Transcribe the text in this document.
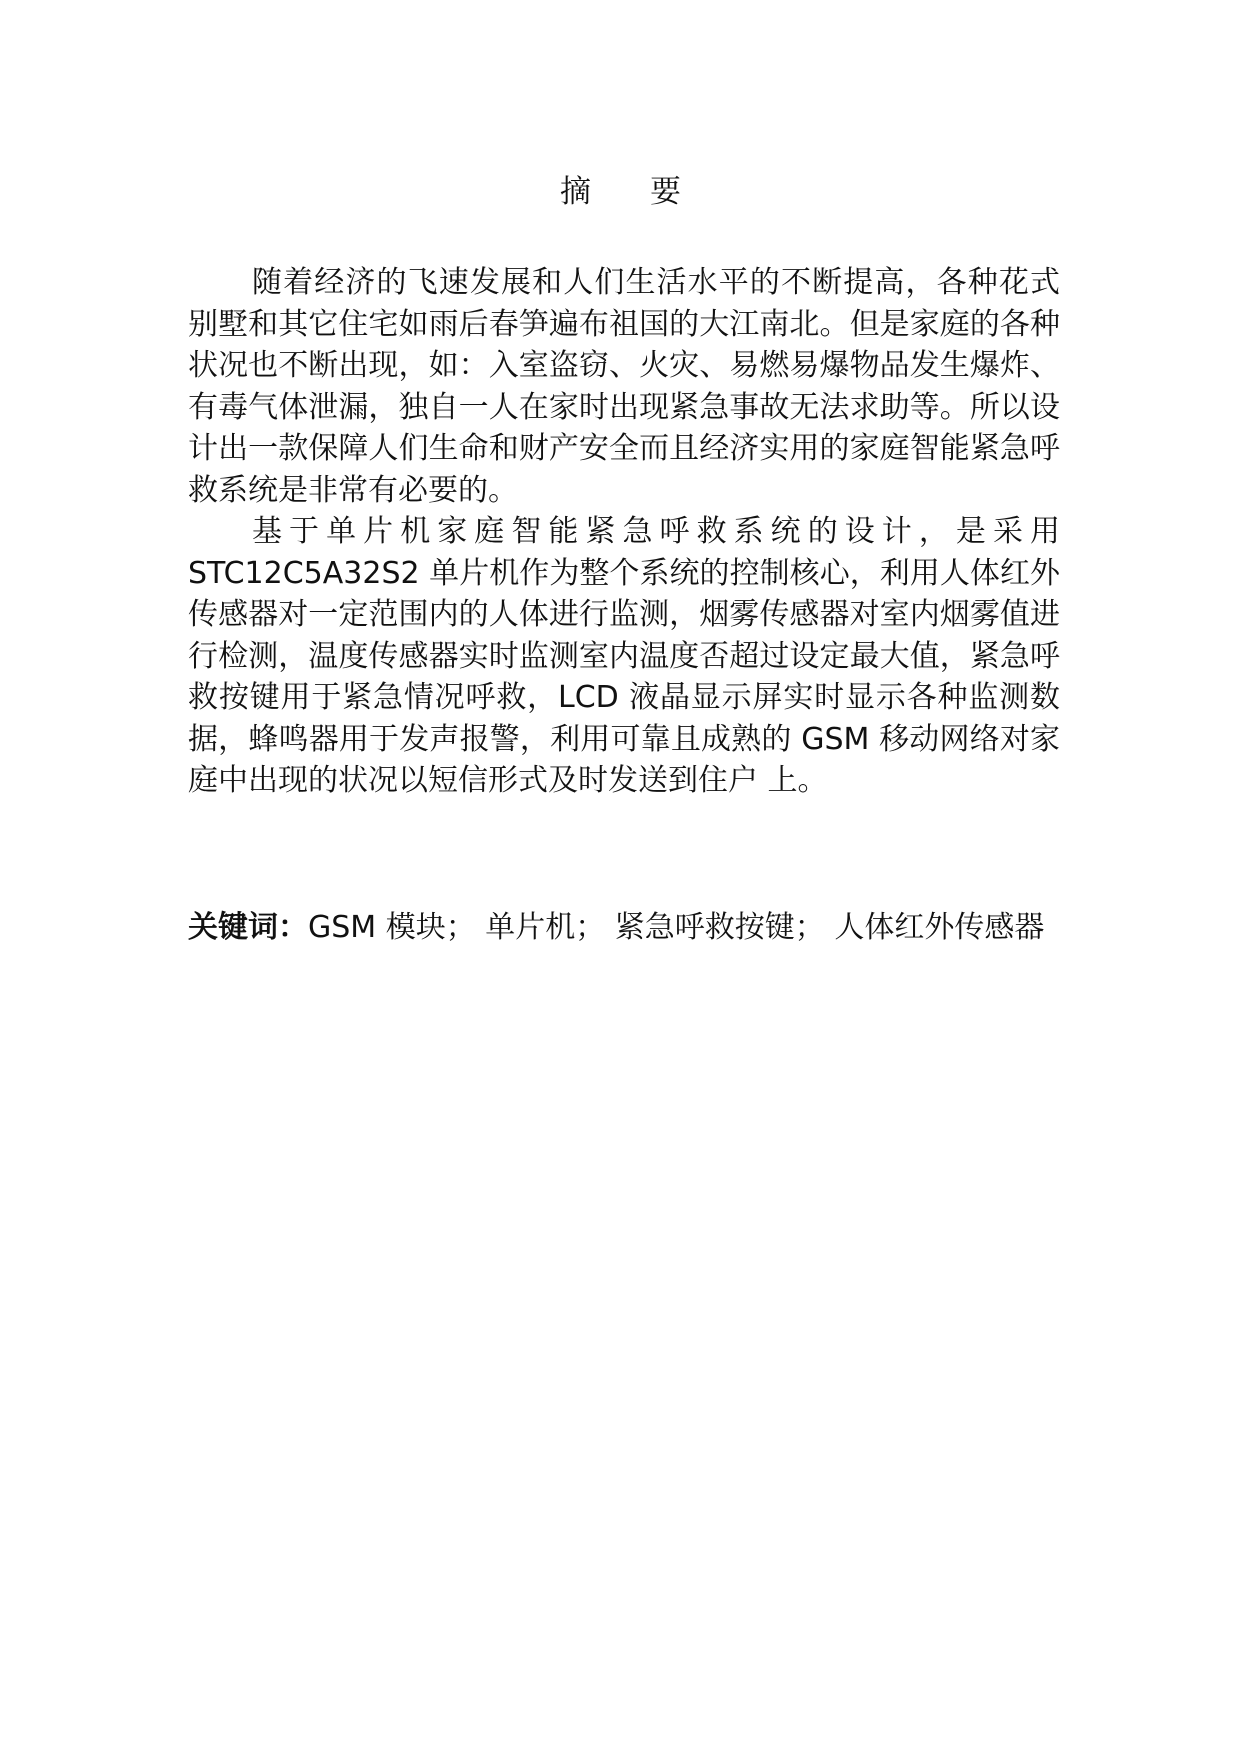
摘      要

随着经济的飞速发展和人们生活水平的不断提高，各种花式别墅和其它住宅如雨后春笋遍布祖国的大江南北。但是家庭的各种状况也不断出现，如：入室盗窃、火灾、易燃易爆物品发生爆炸、有毒气体泄漏，独自一人在家时出现紧急事故无法求助等。所以设计出一款保障人们生命和财产安全而且经济实用的家庭智能紧急呼救系统是非常有必要的。

基于单片机家庭智能紧急呼救系统的设计，是采用STC12C5A32S2 单片机作为整个系统的控制核心，利用人体红外传感器对一定范围内的人体进行监测，烟雾传感器对室内烟雾值进行检测，温度传感器实时监测室内温度否超过设定最大值，紧急呼救按键用于紧急情况呼救，LCD 液晶显示屏实时显示各种监测数据，蜂鸣器用于发声报警，利用可靠且成熟的 GSM 移动网络对家庭中出现的状况以短信形式及时发送到住户 上。

关键词：GSM 模块； 单片机； 紧急呼救按键； 人体红外传感器
